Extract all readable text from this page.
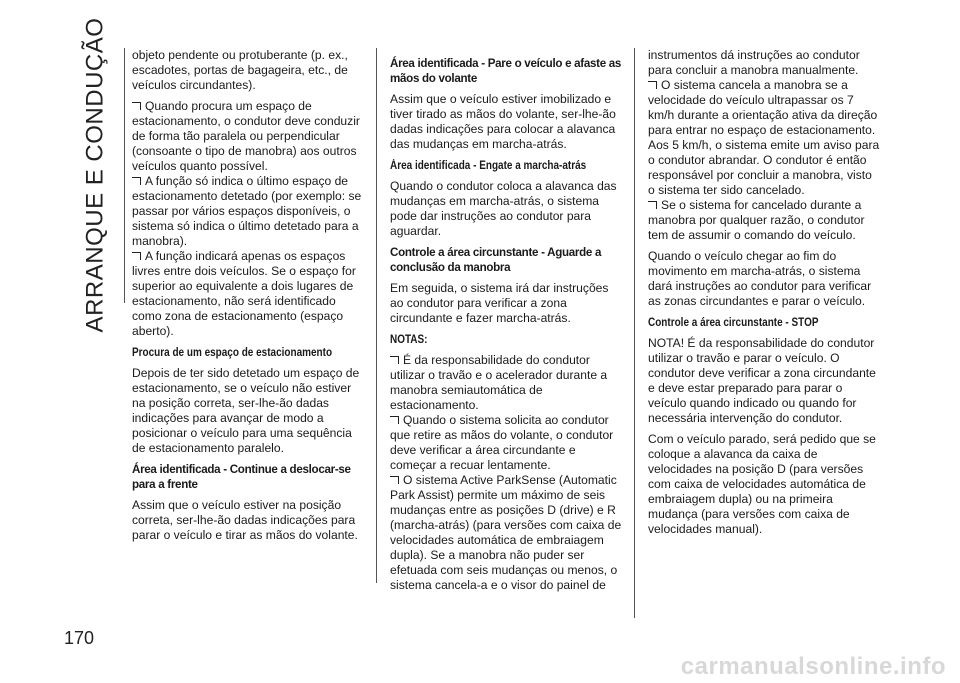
ARRANQUE E CONDUÇÃO objeto pendente ou protuberante (p. ex., escadotes, portas de bagageira, etc., de veículos circundantes).

Quando procura um espaço de estacionamento, o condutor deve conduzir de forma tão paralela ou perpendicular (consoante o tipo de manobra) aos outros veículos quanto possível.

A função só indica o último espaço de estacionamento detetado (por exemplo: se passar por vários espaços disponíveis, o sistema só indica o último detetado para a manobra).

A função indicará apenas os espaços livres entre dois veículos. Se o espaço for superior ao equivalente a dois lugares de estacionamento, não será identificado como zona de estacionamento (espaço aberto).

Procura de um espaço de estacionamento

Depois de ter sido detetado um espaço de estacionamento, se o veículo não estiver na posição correta, ser-lhe-ão dadas indicações para avançar de modo a posicionar o veículo para uma sequência de estacionamento paralelo.

Área identificada - Continue a deslocar-se para a frente

Assim que o veículo estiver na posição correta, ser-lhe-ão dadas indicações para parar o veículo e tirar as mãos do volante.

Área identificada - Pare o veículo e afaste as mãos do volante

Assim que o veículo estiver imobilizado e tiver tirado as mãos do volante, ser-lhe-ão dadas indicações para colocar a alavanca das mudanças em marcha-atrás.

Área identificada - Engate a marcha-atrás

Quando o condutor coloca a alavanca das mudanças em marcha-atrás, o sistema pode dar instruções ao condutor para aguardar.

Controle a área circunstante - Aguarde a conclusão da manobra

Em seguida, o sistema irá dar instruções ao condutor para verificar a zona circundante e fazer marcha-atrás.

NOTAS:

É da responsabilidade do condutor utilizar o travão e o acelerador durante a manobra semiautomática de estacionamento.

Quando o sistema solicita ao condutor que retire as mãos do volante, o condutor deve verificar a área circundante e começar a recuar lentamente.

O sistema Active ParkSense (Automatic Park Assist) permite um máximo de seis mudanças entre as posições D (drive) e R (marcha-atrás) (para versões com caixa de velocidades automática de embraiagem dupla). Se a manobra não puder ser efetuada com seis mudanças ou menos, o sistema cancela-a e o visor do painel de

instrumentos dá instruções ao condutor para concluir a manobra manualmente.

O sistema cancela a manobra se a velocidade do veículo ultrapassar os 7 km/h durante a orientação ativa da direção para entrar no espaço de estacionamento. Aos 5 km/h, o sistema emite um aviso para o condutor abrandar. O condutor é então responsável por concluir a manobra, visto o sistema ter sido cancelado.

Se o sistema for cancelado durante a manobra por qualquer razão, o condutor tem de assumir o comando do veículo.

Quando o veículo chegar ao fim do movimento em marcha-atrás, o sistema dará instruções ao condutor para verificar as zonas circundantes e parar o veículo.

Controle a área circunstante - STOP

NOTA! É da responsabilidade do condutor utilizar o travão e parar o veículo. O condutor deve verificar a zona circundante e deve estar preparado para parar o veículo quando indicado ou quando for necessária intervenção do condutor.

Com o veículo parado, será pedido que se coloque a alavanca da caixa de velocidades na posição D (para versões com caixa de velocidades automática de embraiagem dupla) ou na primeira mudança (para versões com caixa de velocidades manual).

170
carmanualsonline.info
